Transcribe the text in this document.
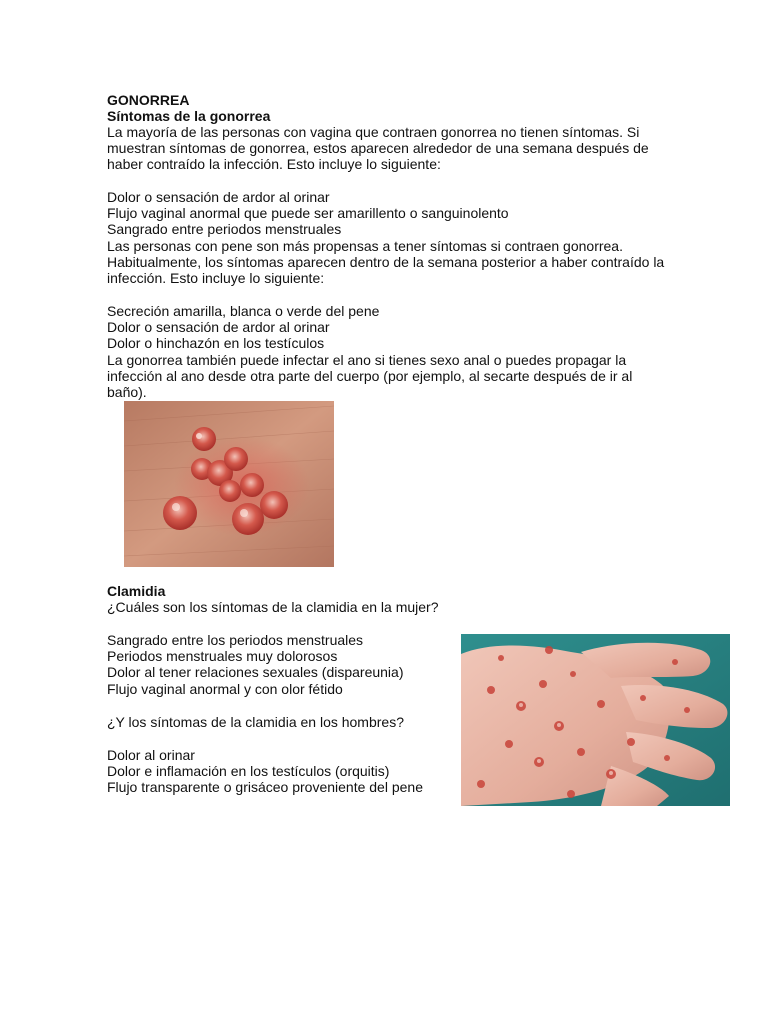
GONORREA
Síntomas de la gonorrea
La mayoría de las personas con vagina que contraen gonorrea no tienen síntomas. Si
muestran síntomas de gonorrea, estos aparecen alrededor de una semana después de
haber contraído la infección. Esto incluye lo siguiente:
Dolor o sensación de ardor al orinar
Flujo vaginal anormal que puede ser amarillento o sanguinolento
Sangrado entre periodos menstruales
Las personas con pene son más propensas a tener síntomas si contraen gonorrea.
Habitualmente, los síntomas aparecen dentro de la semana posterior a haber contraído la
infección. Esto incluye lo siguiente:
Secreción amarilla, blanca o verde del pene
Dolor o sensación de ardor al orinar
Dolor o hinchazón en los testículos
La gonorrea también puede infectar el ano si tienes sexo anal o puedes propagar la
infección al ano desde otra parte del cuerpo (por ejemplo, al secarte después de ir al
baño).
Clamidia
¿Cuáles son los síntomas de la clamidia en la mujer?
Sangrado entre los periodos menstruales
Periodos menstruales muy dolorosos
Dolor al tener relaciones sexuales (dispareunia)
Flujo vaginal anormal y con olor fétido
¿Y los síntomas de la clamidia en los hombres?
Dolor al orinar
Dolor e inflamación en los testículos (orquitis)
Flujo transparente o grisáceo proveniente del pene
